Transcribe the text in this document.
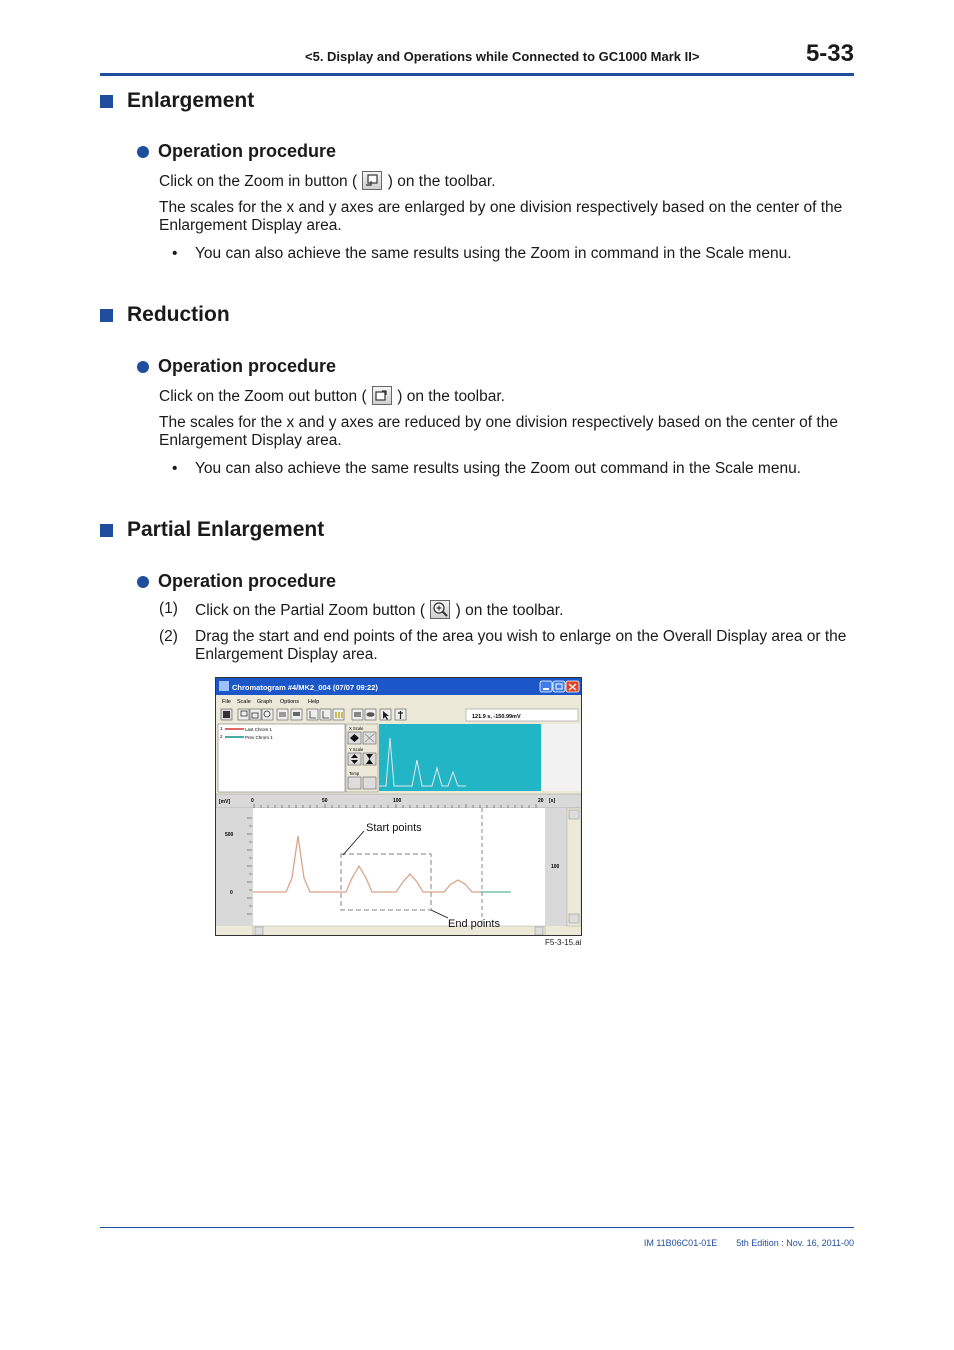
<5. Display and Operations while Connected to GC1000 Mark II>	5-33
Enlargement
Operation procedure
Click on the Zoom in button ( ) on the toolbar.
The scales for the x and y axes are enlarged by one division respectively based on the center of the Enlargement Display area.
• You can also achieve the same results using the Zoom in command in the Scale menu.
Reduction
Operation procedure
Click on the Zoom out button ( ) on the toolbar.
The scales for the x and y axes are reduced by one division respectively based on the center of the Enlargement Display area.
• You can also achieve the same results using the Zoom out command in the Scale menu.
Partial Enlargement
Operation procedure
(1)	Click on the Partial Zoom button ( ) on the toolbar.
(2)	Drag the start and end points of the area you wish to enlarge on the Overall Display area or the Enlargement Display area.
Chromatogram #4/MK2_004 (07/07 09:22)
File Scale Graph Options Help
121.9 s, -150.99mV
1	Last Chrom 1
2	Prev Chrom 1
X Scale
Y Scale
Temp
[mV]	0	50	100	20 [s]
500
0
100
Start points
End points
F5-3-15.ai
IM 11B06C01-01E 5th Edition : Nov. 16, 2011-00
